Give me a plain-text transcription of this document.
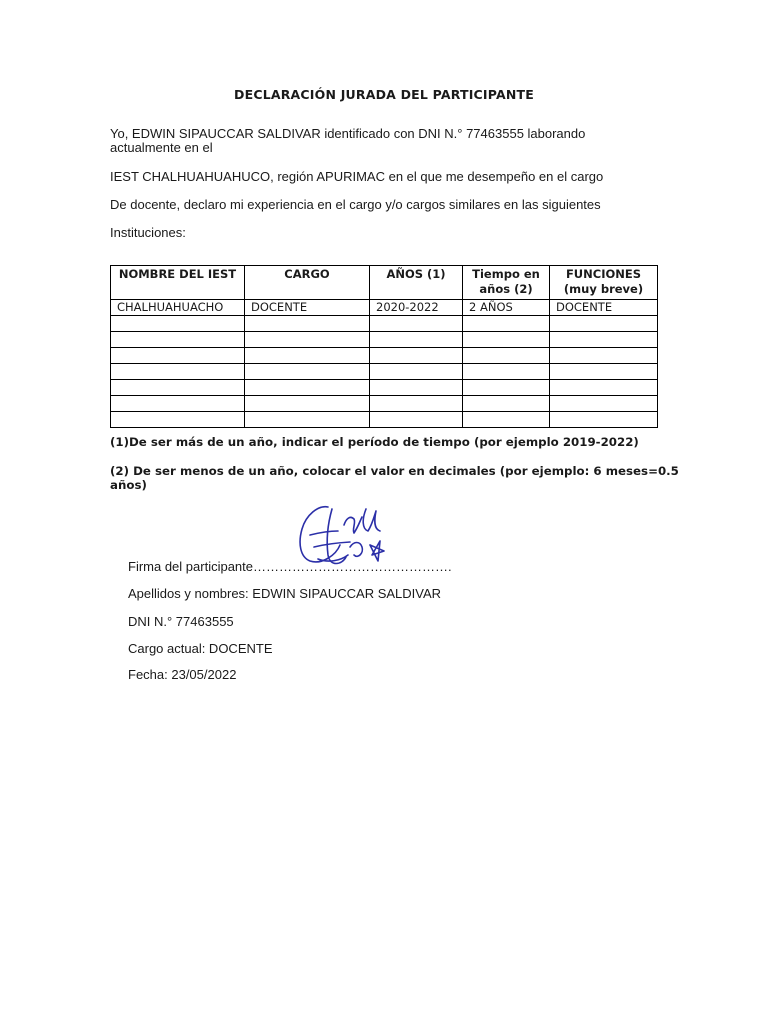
DECLARACIÓN JURADA DEL PARTICIPANTE
Yo, EDWIN SIPAUCCAR SALDIVAR identificado con DNI N.° 77463555 laborando
actualmente en el
IEST CHALHUAHUAHUCO, región APURIMAC en el que me desempeño en el cargo
De docente, declaro mi experiencia en el cargo y/o cargos similares en las siguientes
Instituciones:
NOMBRE DEL IEST	CARGO	AÑOS (1)	Tiempo en años (2)	FUNCIONES (muy breve)
CHALHUAHUACHO	DOCENTE	2020-2022	2 AÑOS	DOCENTE

(1)De ser más de un año, indicar el período de tiempo (por ejemplo 2019-2022)
(2) De ser menos de un año, colocar el valor en decimales (por ejemplo: 6 meses=0.5 años)
Firma del participante……………………………………….
Apellidos y nombres: EDWIN SIPAUCCAR SALDIVAR
DNI N.° 77463555
Cargo actual: DOCENTE
Fecha: 23/05/2022
